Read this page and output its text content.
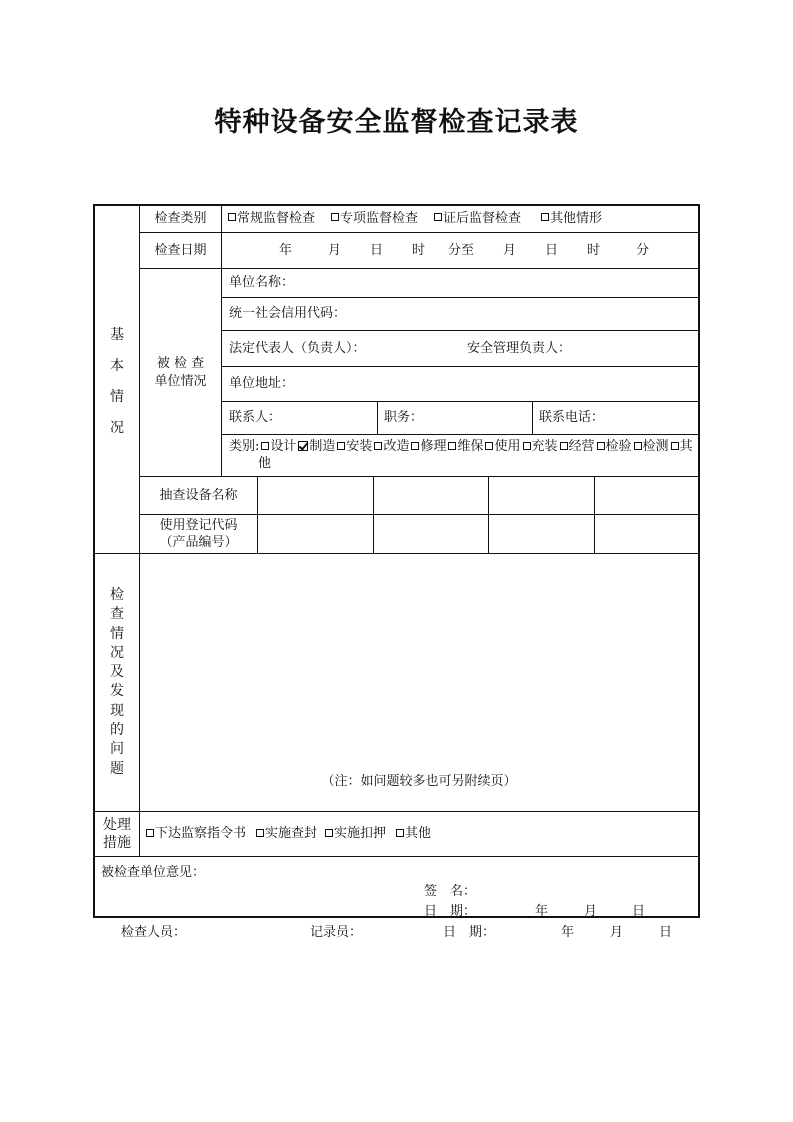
特种设备安全监督检查记录表
基
本
情
况
检查类别	常规监督检查	专项监督检查	证后监督检查	其他情形
检查日期	年	月 日 时 分至 月 日 时	分
被 检 查
单位情况
单位名称：
统一社会信用代码：
法定代表人（负责人）：	安全管理负责人：
单位地址：
联系人：	职务：	联系电话：
类别: 设计 制造 安装 改造 修理 维保 使用 充装 经营 检验 检测 其
他
抽查设备名称
使用登记代码
（产品编号）
检
查
情
况
及
发
现
的
问
题
（注：如问题较多也可另附续页）
处理
措施
下达监察指令书	实施查封	实施扣押	其他
被检查单位意见：
签　名：
日　期：	年	月	日
检查人员：	记录员：	日　期：	年	月	日
